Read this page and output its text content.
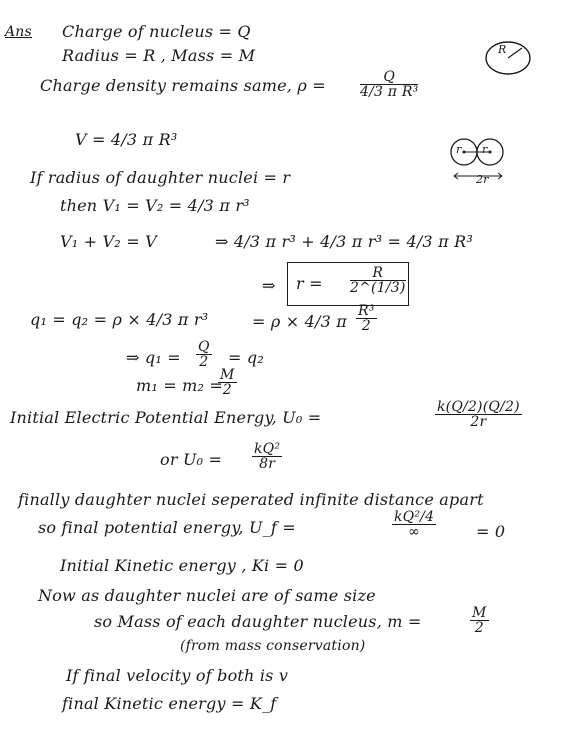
Ans Charge of nucleus = Q
Radius = R , Mass = M	R
Charge density remains same, $\rho = \frac{Q}{\text{4/3 π R³}}$
V = 4/3 π R³
r r
2r
If radius of daughter nuclei = r
then V₁ = V₂ = 4/3 π r³
V₁ + V₂ = V	⇒ 4/3 π r³ + 4/3 π r³ = 4/3 π R³
⇒ $r = \frac{R}{2\^{}(1/3)}$
q₁ = q₂ = ρ × 4/3 π r³	= ρ × 4/3 π $\frac{\text{R³}}{2}$
⇒ $q_1 = \frac{Q}{2} = q_2$
m₁ = m₂ =
$\frac{M}{2}$
Initial Electric Potential Energy, U₀ =	$\frac{k(Q/2)(Q/2)}{2r}$
or $U_0 = \frac{\text{kQ²}}{8r}$
finally daughter nuclei seperated infinite distance apart
so final potential energy, U_f =
kQ²/4
∞	= 0
Initial Kinetic energy , Ki = 0
Now as daughter nuclei are of same size
so Mass of each daughter nucleus, m =	$\frac{M}{2}$
(from mass conservation)
If final velocity of both is v
final Kinetic energy = K_f
